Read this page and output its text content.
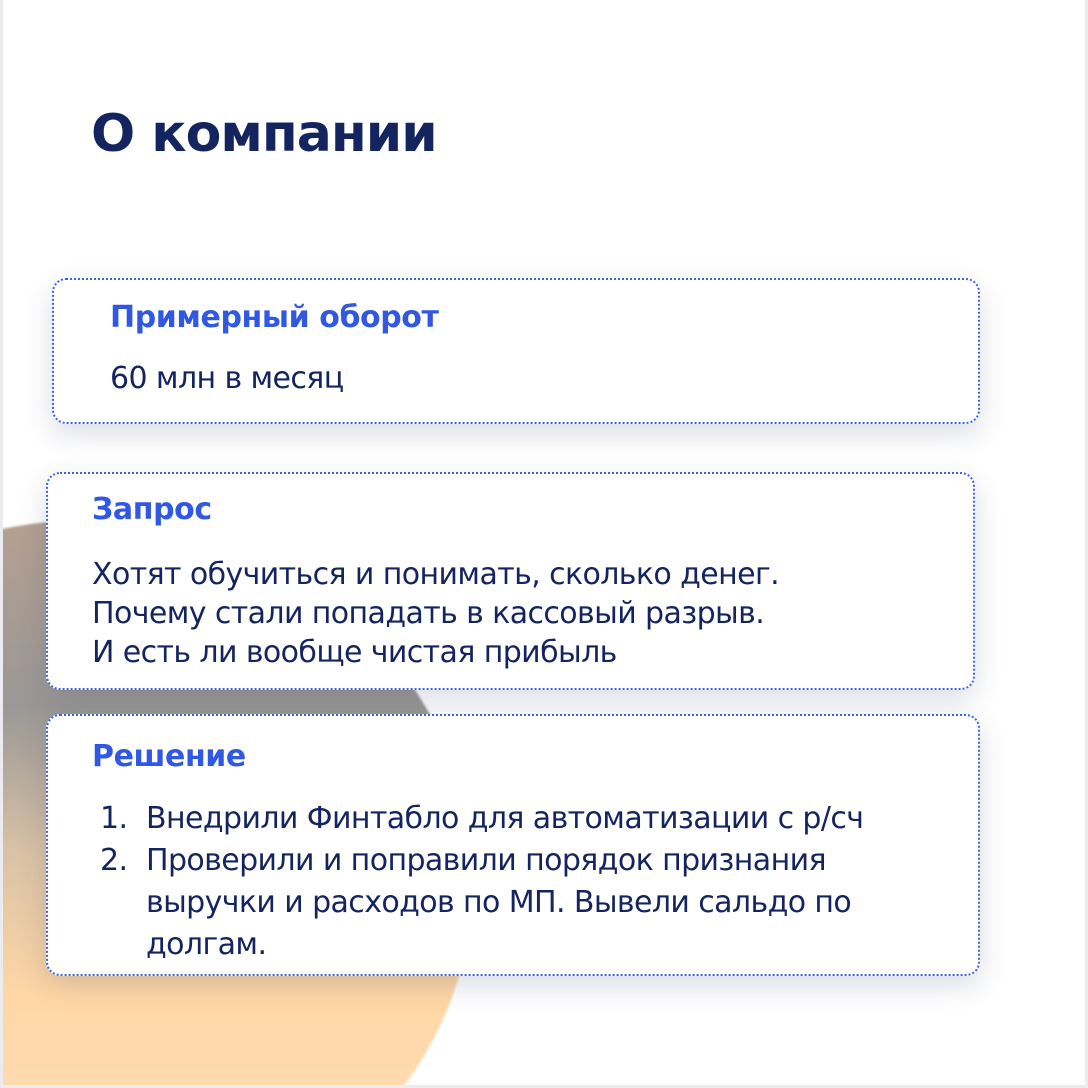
О компании
Примерный оборот
60 млн в месяц
Запрос
Хотят обучиться и понимать, сколько денег.
Почему стали попадать в кассовый разрыв.
И есть ли вообще чистая прибыль
Решение
1. Внедрили Финтабло для автоматизации с р/сч
2. Проверили и поправили порядок признания выручки и расходов по МП. Вывели сальдо по долгам.
